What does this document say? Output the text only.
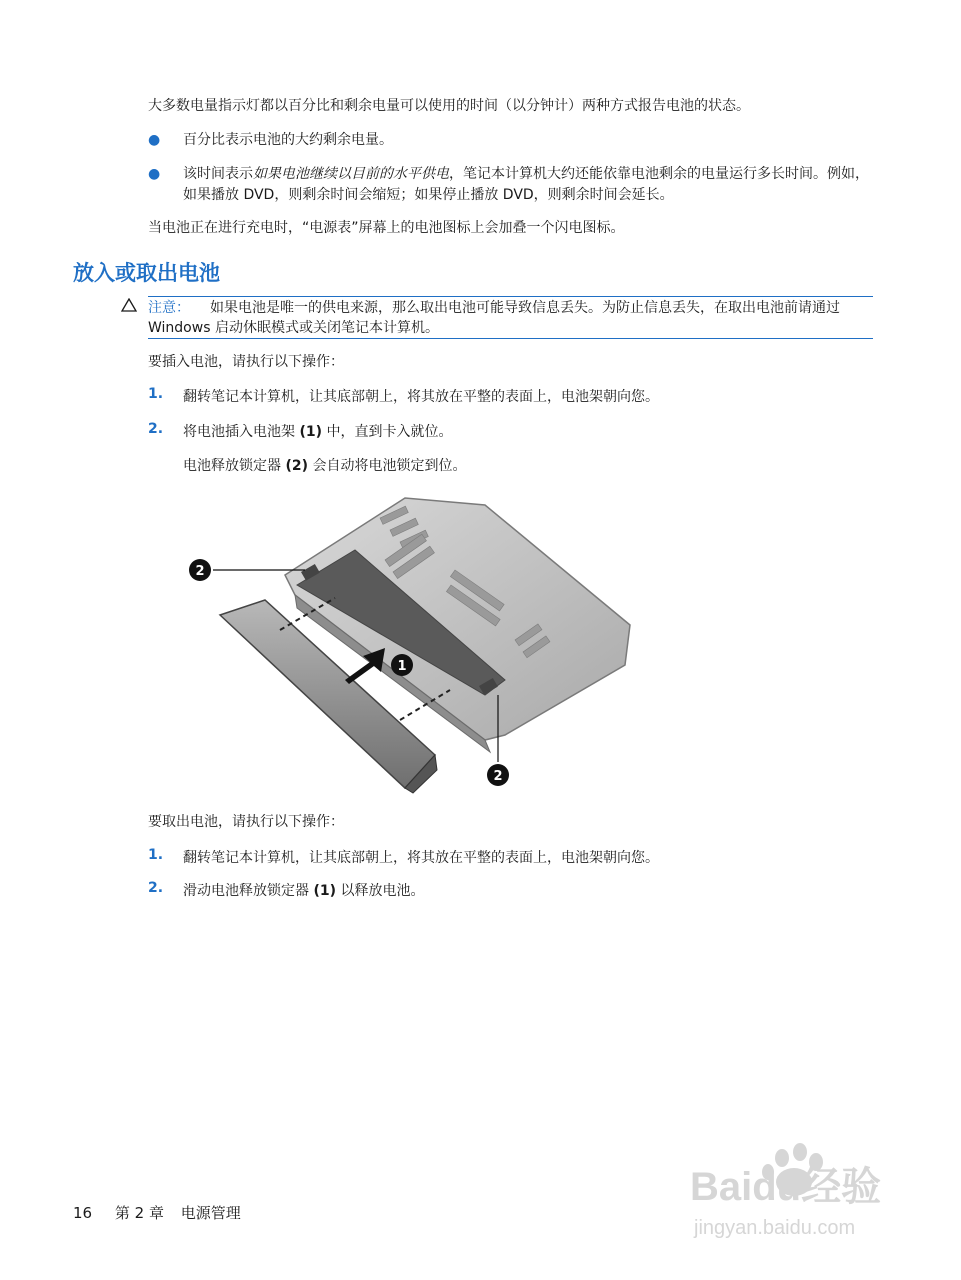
大多数电量指示灯都以百分比和剩余电量可以使用的时间（以分钟计）两种方式报告电池的状态。
● 百分比表示电池的大约剩余电量。
● 该时间表示如果电池继续以目前的水平供电，笔记本计算机大约还能依靠电池剩余的电量运行多长时间。例如，如果播放 DVD，则剩余时间会缩短；如果停止播放 DVD，则剩余时间会延长。
当电池正在进行充电时，“电源表”屏幕上的电池图标上会加叠一个闪电图标。
放入或取出电池
注意： 如果电池是唯一的供电来源，那么取出电池可能导致信息丢失。为防止信息丢失，在取出电池前请通过 Windows 启动休眠模式或关闭笔记本计算机。
要插入电池，请执行以下操作：
1. 翻转笔记本计算机，让其底部朝上，将其放在平整的表面上，电池架朝向您。
2. 将电池插入电池架 (1) 中，直到卡入就位。
电池释放锁定器 (2) 会自动将电池锁定到位。
2
1
2
要取出电池，请执行以下操作：
1. 翻转笔记本计算机，让其底部朝上，将其放在平整的表面上，电池架朝向您。
2. 滑动电池释放锁定器 (1) 以释放电池。
16 第 2 章 电源管理
Baidu经验
jingyan.baidu.com
